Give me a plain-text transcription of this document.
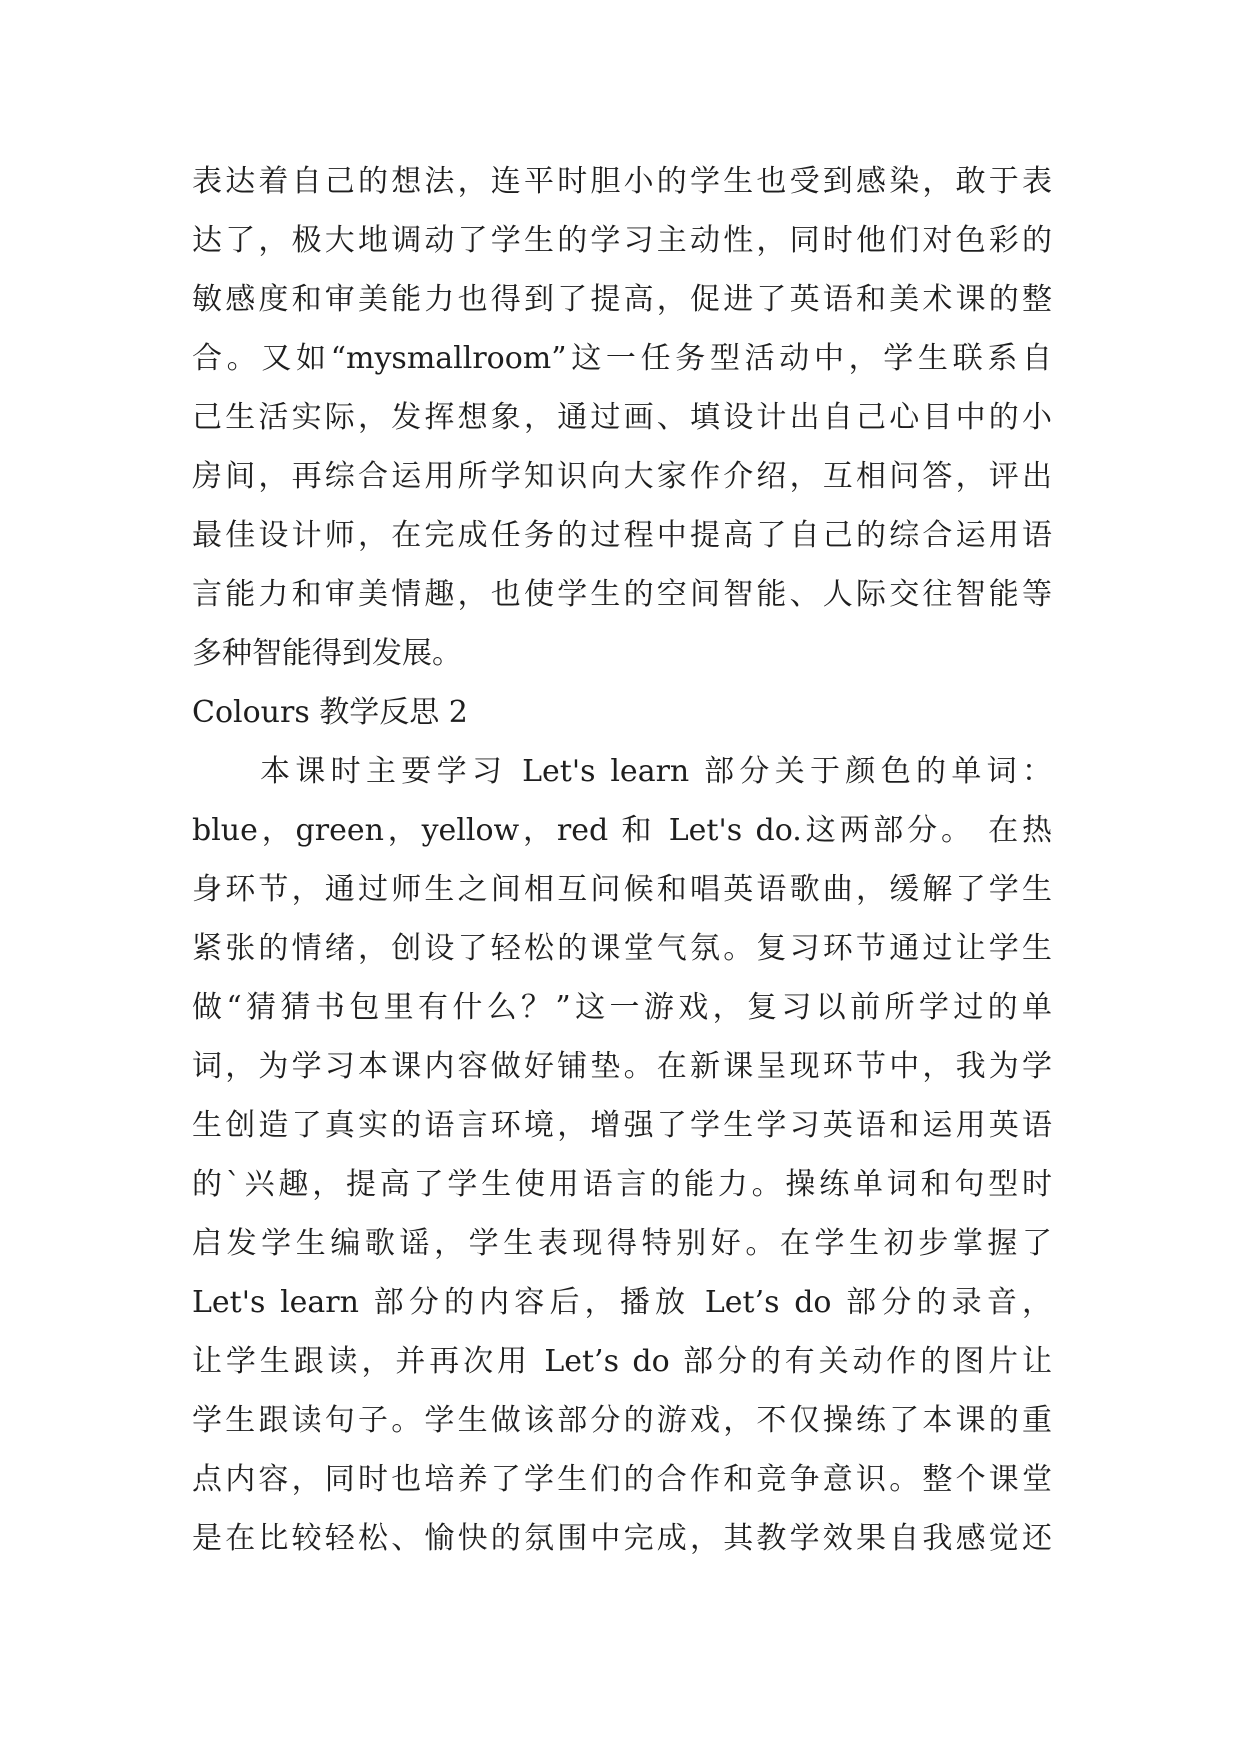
表达着自己的想法，连平时胆小的学生也受到感染，敢于表
达了，极大地调动了学生的学习主动性，同时他们对色彩的
敏感度和审美能力也得到了提高，促进了英语和美术课的整
合。又如“mysmallroom”这一任务型活动中，学生联系自
己生活实际，发挥想象，通过画、填设计出自己心目中的小
房间，再综合运用所学知识向大家作介绍，互相问答，评出
最佳设计师，在完成任务的过程中提高了自己的综合运用语
言能力和审美情趣，也使学生的空间智能、人际交往智能等
多种智能得到发展。
Colours 教学反思 2
本课时主要学习 Let's learn 部分关于颜色的单词：
blue，green，yellow，red 和 Let's do.这两部分。 在热
身环节，通过师生之间相互问候和唱英语歌曲，缓解了学生
紧张的情绪，创设了轻松的课堂气氛。复习环节通过让学生
做“猜猜书包里有什么？”这一游戏，复习以前所学过的单
词，为学习本课内容做好铺垫。在新课呈现环节中，我为学
生创造了真实的语言环境，增强了学生学习英语和运用英语
的`兴趣，提高了学生使用语言的能力。操练单词和句型时
启发学生编歌谣，学生表现得特别好。在学生初步掌握了
Let's learn 部分的内容后，播放 Let’s do 部分的录音，
让学生跟读，并再次用 Let’s do 部分的有关动作的图片让
学生跟读句子。学生做该部分的游戏，不仅操练了本课的重
点内容，同时也培养了学生们的合作和竞争意识。整个课堂
是在比较轻松、愉快的氛围中完成，其教学效果自我感觉还
